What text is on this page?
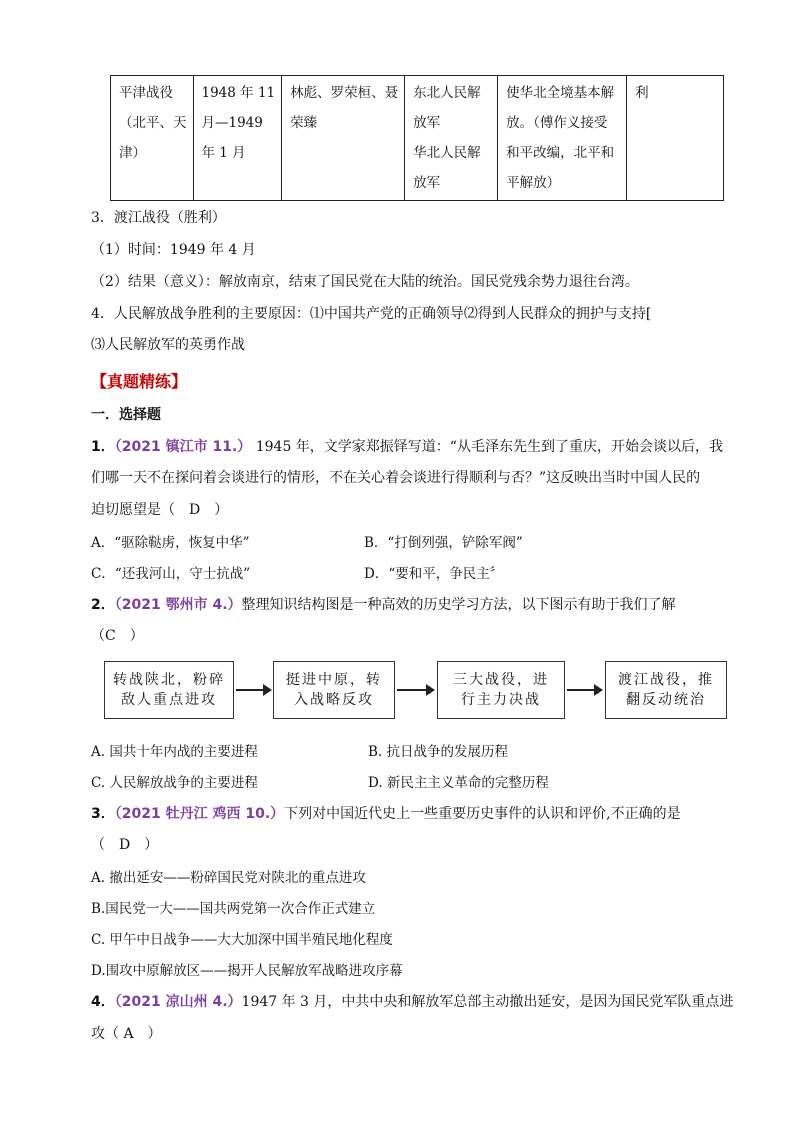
平津战役
（北平、天
津）

1948 年 11
月—1949
年 1 月

林彪、罗荣桓、聂
荣臻

东北人民解
放军
华北人民解
放军

使华北全境基本解
放。（傅作义接受
和平改编，北平和
平解放）

利
3．渡江战役（胜利）
（1）时间：1949 年 4 月
（2）结果（意义）：解放南京，结束了国民党在大陆的统治。国民党残余势力退往台湾。
4．人民解放战争胜利的主要原因：⑴中国共产党的正确领导⑵得到人民群众的拥护与支持[
⑶人民解放军的英勇作战
【真题精练】
一．选择题
1．（2021 镇江市 11.） 1945 年，文学家郑振铎写道：“从毛泽东先生到了重庆，开始会谈以后，我
们哪一天不在探问着会谈进行的情形，不在关心着会谈进行得顺利与否？”这反映出当时中国人民的
迫切愿望是（　D　）
A．“驱除鞑虏，恢复中华”	B．“打倒列强，铲除军阀”
C．“还我河山，守士抗战”	D．“要和平，争民主〞
2．（2021 鄂州市 4.）整理知识结构图是一种高效的历史学习方法，以下图示有助于我们了解
（C　）
转战陕北，粉碎
敌人重点进攻
挺进中原，转
入战略反攻
三大战役，进
行主力决战
渡江战役，推
翻反动统治
A. 国共十年内战的主要进程	B. 抗日战争的发展历程
C. 人民解放战争的主要进程	D. 新民主主义革命的完整历程
3．（2021 牡丹江 鸡西 10.）下列对中国近代史上一些重要历史事件的认识和评价,不正确的是
（　D　）
A. 撤出延安——粉碎国民党对陕北的重点进攻
B.国民党一大——国共两党第一次合作正式建立
C. 甲午中日战争——大大加深中国半殖民地化程度
D.围攻中原解放区——揭开人民解放军战略进攻序幕
4．（2021 凉山州 4.）1947 年 3 月，中共中央和解放军总部主动撤出延安，是因为国民党军队重点进
攻（ A　）
